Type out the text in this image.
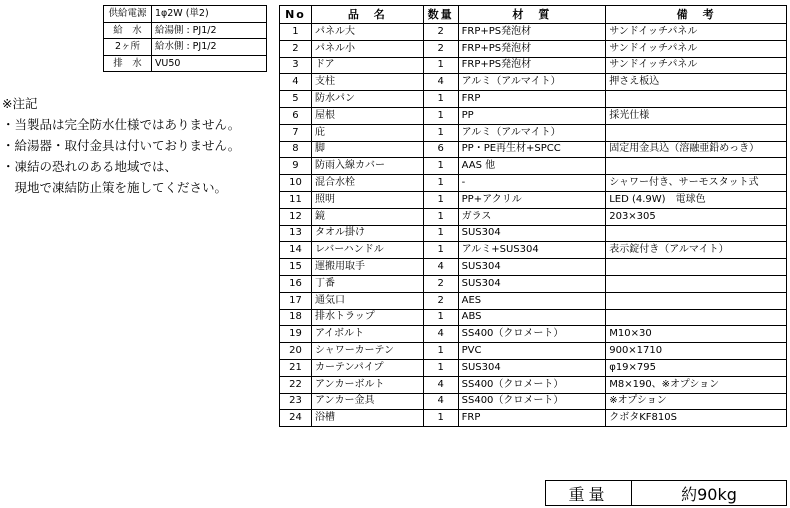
供給電源	1φ2W (単2)
給　水	給湯側 : PJ1/2
2ヶ所	給水側 : PJ1/2
排　水	VU50
※注記
・当製品は完全防水仕様ではありません。
・給湯器・取付金具は付いておりません。
・凍結の恐れのある地域では、
　現地で凍結防止策を施してください。
No	品　名	数量	材　質	備　考
1	パネル大	2	FRP+PS発泡材	サンドイッチパネル
2	パネル小	2	FRP+PS発泡材	サンドイッチパネル
3	ドア	1	FRP+PS発泡材	サンドイッチパネル
4	支柱	4	アルミ（アルマイト）	押さえ板込
5	防水パン	1	FRP	
6	屋根	1	PP	採光仕様
7	庇	1	アルミ（アルマイト）	
8	脚	6	PP・PE再生材+SPCC	固定用金具込（溶融亜鉛めっき）
9	防雨入線カバー	1	AAS 他	
10	混合水栓	1	-	シャワー付き、サーモスタット式
11	照明	1	PP+アクリル	LED (4.9W)　電球色
12	鏡	1	ガラス	203×305
13	タオル掛け	1	SUS304	
14	レバーハンドル	1	アルミ+SUS304	表示錠付き（アルマイト）
15	運搬用取手	4	SUS304	
16	丁番	2	SUS304	
17	通気口	2	AES	
18	排水トラップ	1	ABS	
19	アイボルト	4	SS400（クロメート）	M10×30
20	シャワーカーテン	1	PVC	900×1710
21	カーテンパイプ	1	SUS304	φ19×795
22	アンカーボルト	4	SS400（クロメート）	M8×190、※オプション
23	アンカー金具	4	SS400（クロメート）	※オプション
24	浴槽	1	FRP	クボタKF810S
重量	約90kg
